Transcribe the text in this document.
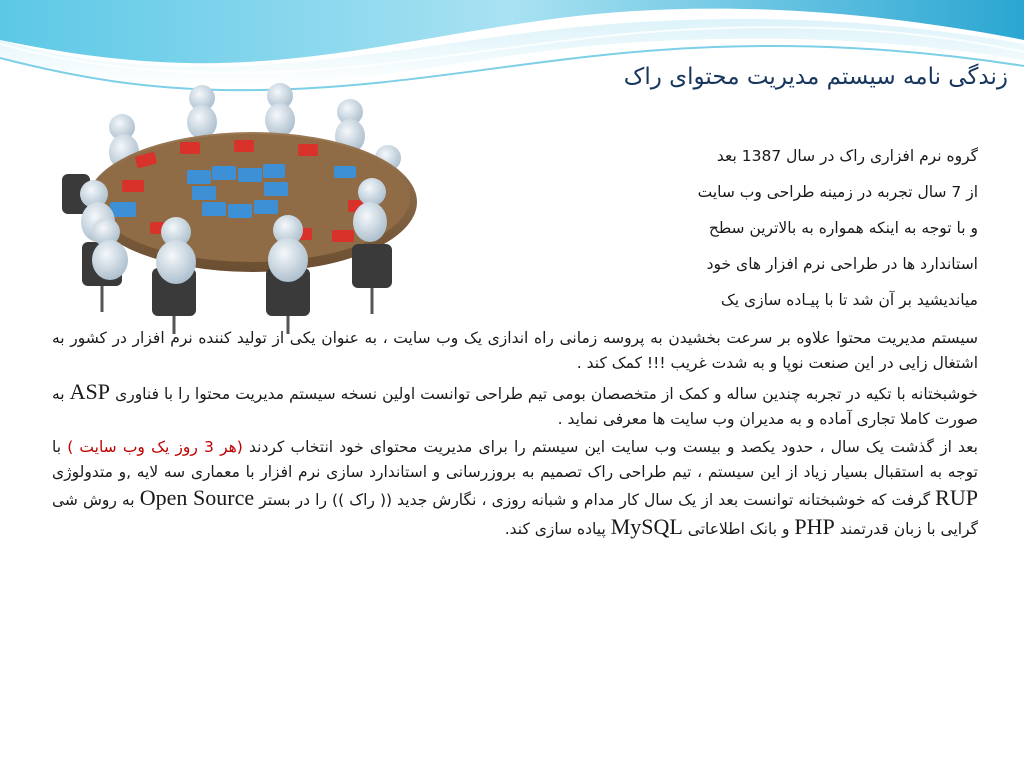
زندگی نامه سیستم مدیریت محتوای راک
گروه نرم افزاری راک در سال 1387 بعد
از 7 سال تجربه در زمینه طراحی وب سایت
و با توجه به اینکه همواره به بالاترین سطح
استاندارد ها در طراحی نرم افزار های خود
میاندیشید بر آن شد تا با پیـاده سازی یک

سیستم مدیریت محتوا علاوه بر سرعت بخشیدن به پروسه زمانی راه اندازی یک وب سایت ، به عنوان یکی از تولید کننده نرم افزار در کشور به اشتغال زایی در این صنعت نوپا و به شدت غریب !!! کمک کند .

خوشبختانه با تکیه در تجربه چندین ساله و کمک از متخصصان بومی تیم طراحی توانست اولین نسخه سیستم مدیریت محتوا را با فناوری ASP به صورت کاملا تجاری آماده و به مدیران وب سایت ها معرفی نماید .

بعد از گذشت یک سال ، حدود یکصد و بیست وب سایت این سیستم را برای مدیریت محتوای خود انتخاب کردند (هر 3 روز یک وب سایت ) با توجه به استقبال بسیار زیاد از این سیستم ، تیم طراحی راک تصمیم به بروزرسانی و استاندارد سازی نرم افزار با معماری سه لایه ,و متدولوژی RUP گرفت که خوشبختانه توانست بعد از یک سال کار مدام و شبانه روزی ، نگارش جدید (( راک )) را در بستر Open Source به روش شی گرایی با زبان قدرتمند PHP و بانک اطلاعاتی MySQL پیاده سازی کند.
